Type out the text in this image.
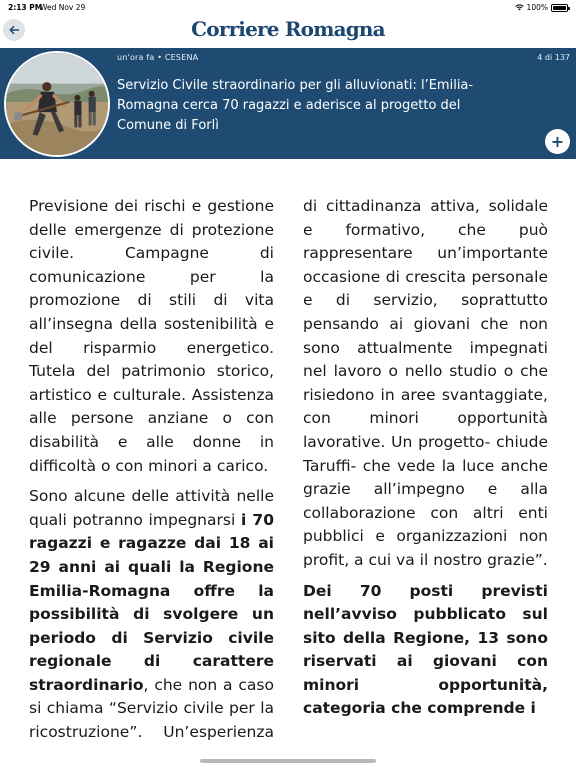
2:13 PM
Wed Nov 29	100%
Corriere Romagna
un'ora fa • CESENA	4 di 137
Servizio Civile straordinario per gli alluvionati: l’Emilia-Romagna cerca 70 ragazzi e aderisce al progetto del Comune di Forlì
+

Previsione dei rischi e gestione delle emergenze di protezione civile. Campagne di comunicazione per la promozione di stili di vita all’insegna della sostenibilità e del risparmio energetico. Tutela del patrimonio storico, artistico e culturale. Assistenza alle persone anziane o con disabilità e alle donne in difficoltà o con minori a carico.

Sono alcune delle attività nelle quali potranno impegnarsi i 70 ragazzi e ragazze dai 18 ai 29 anni ai quali la Regione Emilia-Romagna offre la possibilità di svolgere un periodo di Servizio civile regionale di carattere straordinario, che non a caso si chiama “Servizio civile per la ricostruzione”. Un’esperienza di cittadinanza attiva, solidale e formativo, che può rappresentare un’importante occasione di crescita personale e di servizio, soprattutto pensando ai giovani che non sono attualmente impegnati nel lavoro o nello studio o che risiedono in aree svantaggiate, con minori opportunità lavorative. Un progetto- chiude Taruffi- che vede la luce anche grazie all’impegno e alla collaborazione con altri enti pubblici e organizzazioni non profit, a cui va il nostro grazie”.

Dei 70 posti previsti nell’avviso pubblicato sul sito della Regione, 13 sono riservati ai giovani con minori opportunità, categoria che comprende i
